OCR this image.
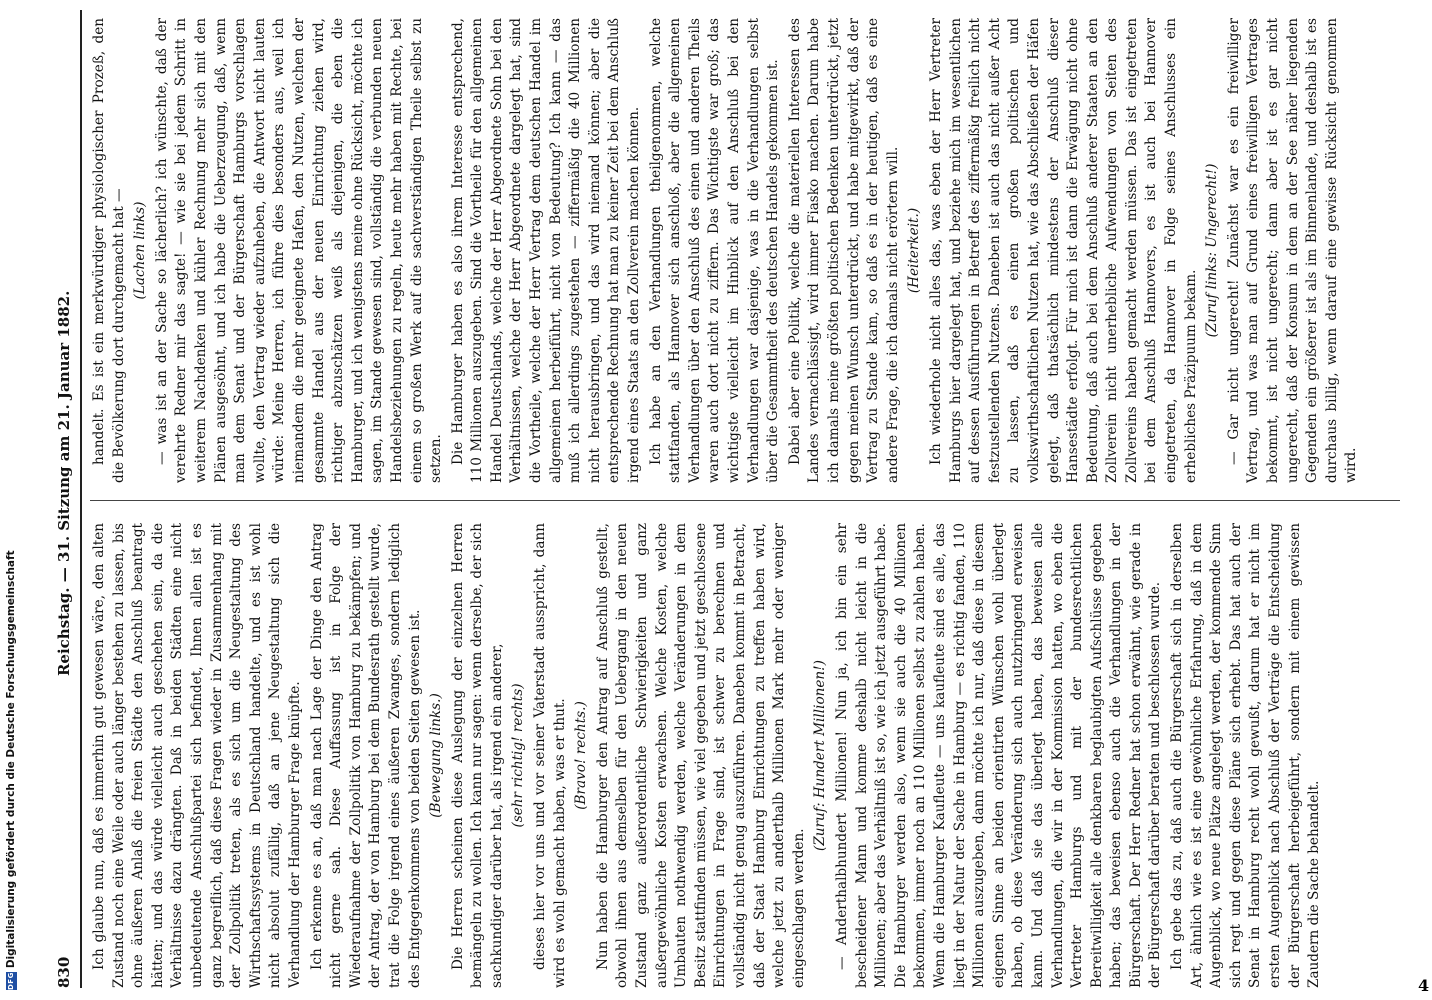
DFG
Digitalisierung gefördert durch die Deutsche Forschungsgemeinschaft
830
Reichstag. — 31. Sitzung am 21. Januar 1882.

Ich glaube nun, daß es immerhin gut gewesen wäre, den alten Zustand noch eine Weile oder auch länger bestehen zu lassen, bis ohne äußeren Anlaß die freien Städte den Anschluß beantragt hätten; und das würde vielleicht auch geschehen sein, da die Verhältnisse dazu drängten. Daß in beiden Städten eine nicht unbedeutende Anschlußpartei sich befindet, Ihnen allen ist es ganz begreiflich, daß diese Fragen wieder in Zusammenhang mit der Zollpolitik treten, als es sich um die Neugestaltung des Wirthschaftssystems in Deutschland handelte, und es ist wohl nicht absolut zufällig, daß an jene Neugestaltung sich die Verhandlung der Hamburger Frage knüpfte. Ich erkenne es an, daß man nach Lage der Dinge den Antrag nicht gerne sah. Diese Auffassung ist in Folge der Wiederaufnahme der Zollpolitik von Hamburg zu bekämpfen; und der Antrag, der von Hamburg bei dem Bundesrath gestellt wurde, trat die Folge irgend eines äußeren Zwanges, sondern lediglich des Entgegenkommens von beiden Seiten gewesen ist. (Bewegung links.) Die Herren scheinen diese Auslegung der einzelnen Herren bemängeln zu wollen. Ich kann nur sagen: wenn derselbe, der sich sachkundiger darüber hat, als irgend ein anderer, (sehr richtig! rechts) dieses hier vor uns und vor seiner Vaterstadt ausspricht, dann wird es wohl gemacht haben, was er thut. (Bravo! rechts.) Nun haben die Hamburger den Antrag auf Anschluß gestellt, obwohl ihnen aus demselben für den Uebergang in den neuen Zustand ganz außerordentliche Schwierigkeiten und ganz außergewöhnliche Kosten erwachsen. Welche Kosten, welche Umbauten nothwendig werden, welche Veränderungen in dem Besitz stattfinden müssen, wie viel gegeben und jetzt geschlossene Einrichtungen in Frage sind, ist schwer zu berechnen und vollständig nicht genug auszuführen. Daneben kommt in Betracht, daß der Staat Hamburg Einrichtungen zu treffen haben wird, welche jetzt zu anderthalb Millionen Mark mehr oder weniger eingeschlagen werden.

(Zuruf: Hundert Millionen!) — Anderthalbhundert Millionen! Nun ja, ich bin ein sehr bescheidener Mann und komme deshalb nicht leicht in die Millionen; aber das Verhältniß ist so, wie ich jetzt ausgeführt habe. Die Hamburger werden also, wenn sie auch die 40 Millionen bekommen, immer noch an 110 Millionen selbst zu zahlen haben. Wenn die Hamburger Kaufleute — uns kaufleute sind es alle, das liegt in der Natur der Sache in Hamburg — es richtig fanden, 110 Millionen auszugeben, dann möchte ich nur, daß diese in diesem eigenen Sinne an beiden orientirten Wünschen wohl überlegt haben, ob diese Veränderung sich auch nutzbringend erweisen kann. Und daß sie das überlegt haben, das beweisen alle Verhandlungen, die wir in der Kommission hatten, wo eben die Vertreter Hamburgs und mit der bundesrechtlichen Bereitwilligkeit alle denkbaren beglaubigten Aufschlüsse gegeben haben; das beweisen ebenso auch die Verhandlungen in der Bürgerschaft. Der Herr Redner hat schon erwähnt, wie gerade in der Bürgerschaft darüber beraten und beschlossen wurde. Ich gebe das zu, daß auch die Bürgerschaft sich in derselben Art, ähnlich wie es ist eine gewöhnliche Erfahrung, daß in dem Augenblick, wo neue Plätze angelegt werden, der kommende Sinn sich regt und gegen diese Pläne sich erhebt. Das hat auch der Senat in Hamburg recht wohl gewußt, darum hat er nicht im ersten Augenblick nach Abschluß der Verträge die Entscheidung der Bürgerschaft herbeigeführt, sondern mit einem gewissen Zaudern die Sache behandelt.

handelt. Es ist ein merkwürdiger physiologischer Prozeß, den die Bevölkerung dort durchgemacht hat — (Lachen links) — was ist an der Sache so lächerlich? ich wünschte, daß der verehrte Redner mir das sagte! — wie sie bei jedem Schritt in weiterem Nachdenken und kühler Rechnung mehr sich mit den Plänen ausgesöhnt, und ich habe die Ueberzeugung, daß, wenn man dem Senat und der Bürgerschaft Hamburgs vorschlagen wollte, den Vertrag wieder aufzuheben, die Antwort nicht lauten würde: Meine Herren, ich führe dies besonders aus, weil ich niemandem die mehr geeignete Hafen, den Nutzen, welchen der gesammte Handel aus der neuen Einrichtung ziehen wird, richtiger abzuschätzen weiß als diejenigen, die eben die Hamburger, und ich wenigstens meine ohne Rücksicht, möchte ich sagen, im Stande gewesen sind, vollständig die verbunden neuen Handelsbeziehungen zu regeln, heute mehr haben mit Rechte, bei einem so großen Werk auf die sachverständigen Theile selbst zu setzen. Die Hamburger haben es also ihrem Interesse entsprechend, 110 Millionen auszugeben. Sind die Vortheile für den allgemeinen Handel Deutschlands, welche der Herr Abgeordnete Sohn bei den Verhältnissen, welche der Herr Abgeordnete dargelegt hat, sind die Vortheile, welche der Herr Vertrag dem deutschen Handel im allgemeinen herbeiführt, nicht von Bedeutung? Ich kann — das muß ich allerdings zugestehen — ziffermäßig die 40 Millionen nicht herausbringen, und das wird niemand können; aber die entsprechende Rechnung hat man zu keiner Zeit bei dem Anschluß irgend eines Staats an den Zollverein machen können. Ich habe an den Verhandlungen theilgenommen, welche stattfanden, als Hannover sich anschloß, aber die allgemeinen Verhandlungen über den Anschluß des einen und anderen Theils waren auch dort nicht zu ziffern. Das Wichtigste war groß; das wichtigste vielleicht im Hinblick auf den Anschluß bei den Verhandlungen war dasjenige, was in die Verhandlungen selbst über die Gesammtheit des deutschen Handels gekommen ist. Dabei aber eine Politik, welche die materiellen Interessen des Landes vernachlässigt, wird immer Fiasko machen. Darum habe ich damals meine größten politischen Bedenken unterdrückt, jetzt gegen meinen Wunsch unterdrückt, und habe mitgewirkt, daß der Vertrag zu Stande kam, so daß es in der heutigen, daß es eine andere Frage, die ich damals nicht erörtern will. (Heiterkeit.) Ich wiederhole nicht alles das, was eben der Herr Vertreter Hamburgs hier dargelegt hat, und beziehe mich im wesentlichen auf dessen Ausführungen in Betreff des ziffermäßig freilich nicht festzustellenden Nutzens. Daneben ist auch das nicht außer Acht zu lassen, daß es einen großen politischen und volkswirthschaftlichen Nutzen hat, wie das Abschließen der Häfen gelegt, daß thatsächlich mindestens der Anschluß dieser Hansestädte erfolgt. Für mich ist dann die Erwägung nicht ohne Bedeutung, daß auch bei dem Anschluß anderer Staaten an den Zollverein nicht unerhebliche Aufwendungen von Seiten des Zollvereins haben gemacht werden müssen. Das ist eingetreten bei dem Anschluß Hannovers, es ist auch bei Hannover eingetreten, da Hannover in Folge seines Anschlusses ein erhebliches Präzipuum bekam.

(Zuruf links: Ungerecht!) — Gar nicht ungerecht! Zunächst war es ein freiwilliger Vertrag, und was man auf Grund eines freiwilligen Vertrages bekommt, ist nicht ungerecht; dann aber ist es gar nicht ungerecht, daß der Konsum in dem an der See näher liegenden Gegenden ein größerer ist als im Binnenlande, und deshalb ist es durchaus billig, wenn darauf eine gewisse Rücksicht genommen wird.

4
